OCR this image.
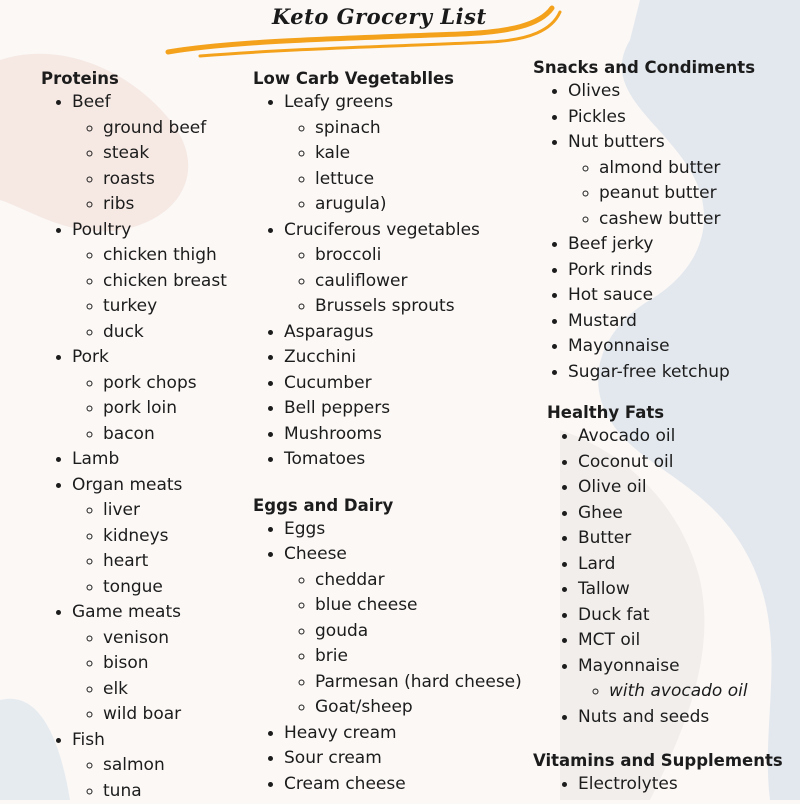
Keto Grocery List
Proteins
• Beef
◦ ground beef
◦ steak
◦ roasts
◦ ribs
• Poultry
◦ chicken thigh
◦ chicken breast
◦ turkey
◦ duck
• Pork
◦ pork chops
◦ pork loin
◦ bacon
• Lamb
• Organ meats
◦ liver
◦ kidneys
◦ heart
◦ tongue
• Game meats
◦ venison
◦ bison
◦ elk
◦ wild boar
• Fish
◦ salmon
◦ tuna
Low Carb Vegetablles
• Leafy greens
◦ spinach
◦ kale
◦ lettuce
◦ arugula)
• Cruciferous vegetables
◦ broccoli
◦ cauliflower
◦ Brussels sprouts
• Asparagus
• Zucchini
• Cucumber
• Bell peppers
• Mushrooms
• Tomatoes
Eggs and Dairy
• Eggs
• Cheese
◦ cheddar
◦ blue cheese
◦ gouda
◦ brie
◦ Parmesan (hard cheese)
◦ Goat/sheep
• Heavy cream
• Sour cream
• Cream cheese
Snacks and Condiments
• Olives
• Pickles
• Nut butters
◦ almond butter
◦ peanut butter
◦ cashew butter
• Beef jerky
• Pork rinds
• Hot sauce
• Mustard
• Mayonnaise
• Sugar-free ketchup
Healthy Fats
• Avocado oil
• Coconut oil
• Olive oil
• Ghee
• Butter
• Lard
• Tallow
• Duck fat
• MCT oil
• Mayonnaise
◦ with avocado oil
• Nuts and seeds
Vitamins and Supplements
• Electrolytes
